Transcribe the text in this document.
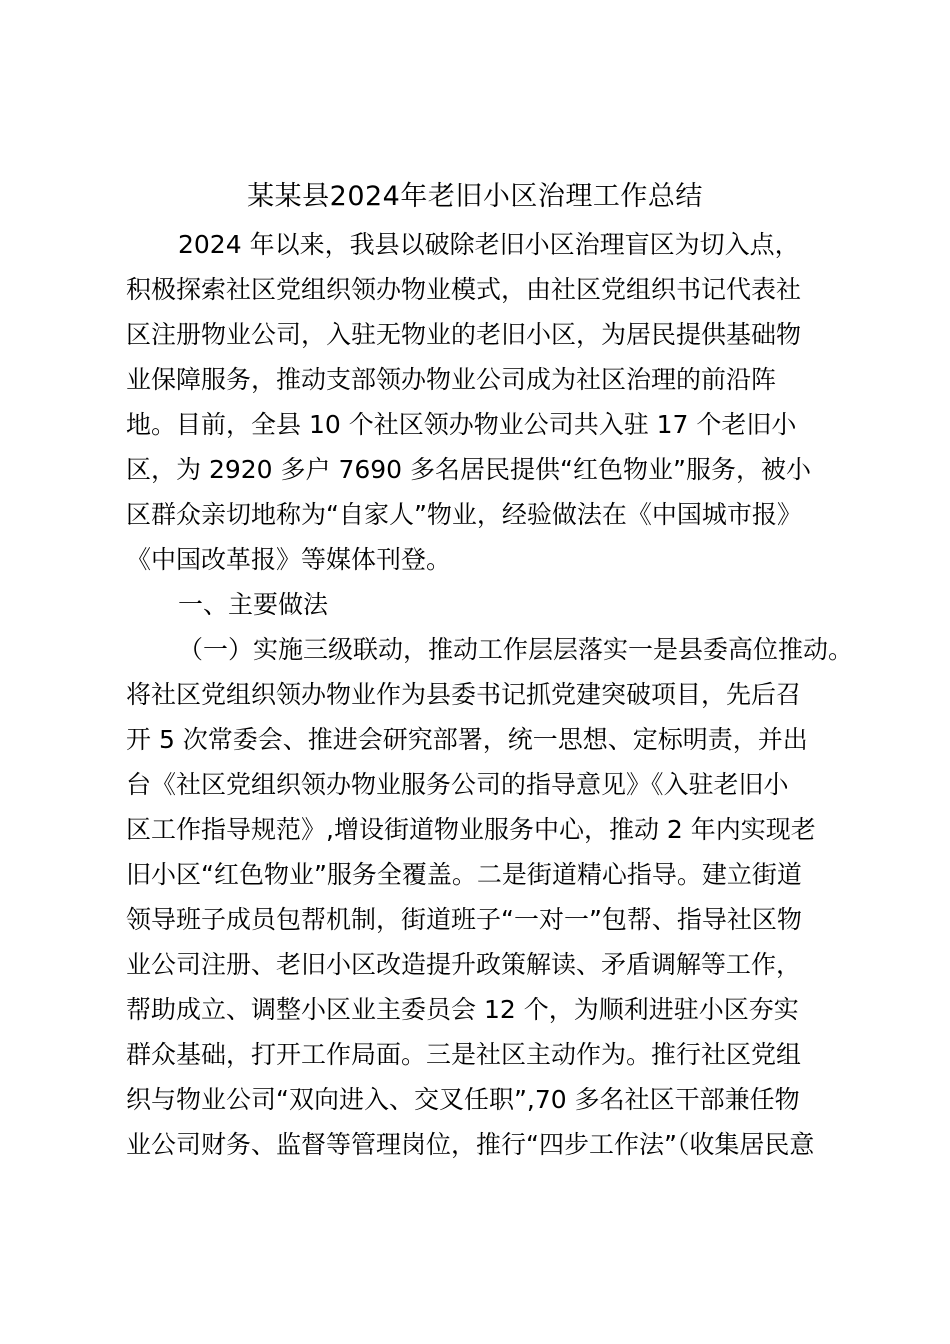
某某县2024年老旧小区治理工作总结
2024 年以来，我县以破除老旧小区治理盲区为切入点，
积极探索社区党组织领办物业模式，由社区党组织书记代表社
区注册物业公司，入驻无物业的老旧小区，为居民提供基础物
业保障服务，推动支部领办物业公司成为社区治理的前沿阵
地。目前，全县 10 个社区领办物业公司共入驻 17 个老旧小
区，为 2920 多户 7690 多名居民提供“红色物业”服务，被小
区群众亲切地称为“自家人”物业，经验做法在《中国城市报》
《中国改革报》等媒体刊登。
一、主要做法
（一）实施三级联动，推动工作层层落实一是县委高位推动。
将社区党组织领办物业作为县委书记抓党建突破项目，先后召
开 5 次常委会、推进会研究部署，统一思想、定标明责，并出
台《社区党组织领办物业服务公司的指导意见》《入驻老旧小
区工作指导规范》,增设街道物业服务中心，推动 2 年内实现老
旧小区“红色物业”服务全覆盖。二是街道精心指导。建立街道
领导班子成员包帮机制，街道班子“一对一”包帮、指导社区物
业公司注册、老旧小区改造提升政策解读、矛盾调解等工作，
帮助成立、调整小区业主委员会 12 个，为顺利进驻小区夯实
群众基础，打开工作局面。三是社区主动作为。推行社区党组
织与物业公司“双向进入、交叉任职”,70 多名社区干部兼任物
业公司财务、监督等管理岗位，推行“四步工作法”（收集居民意
